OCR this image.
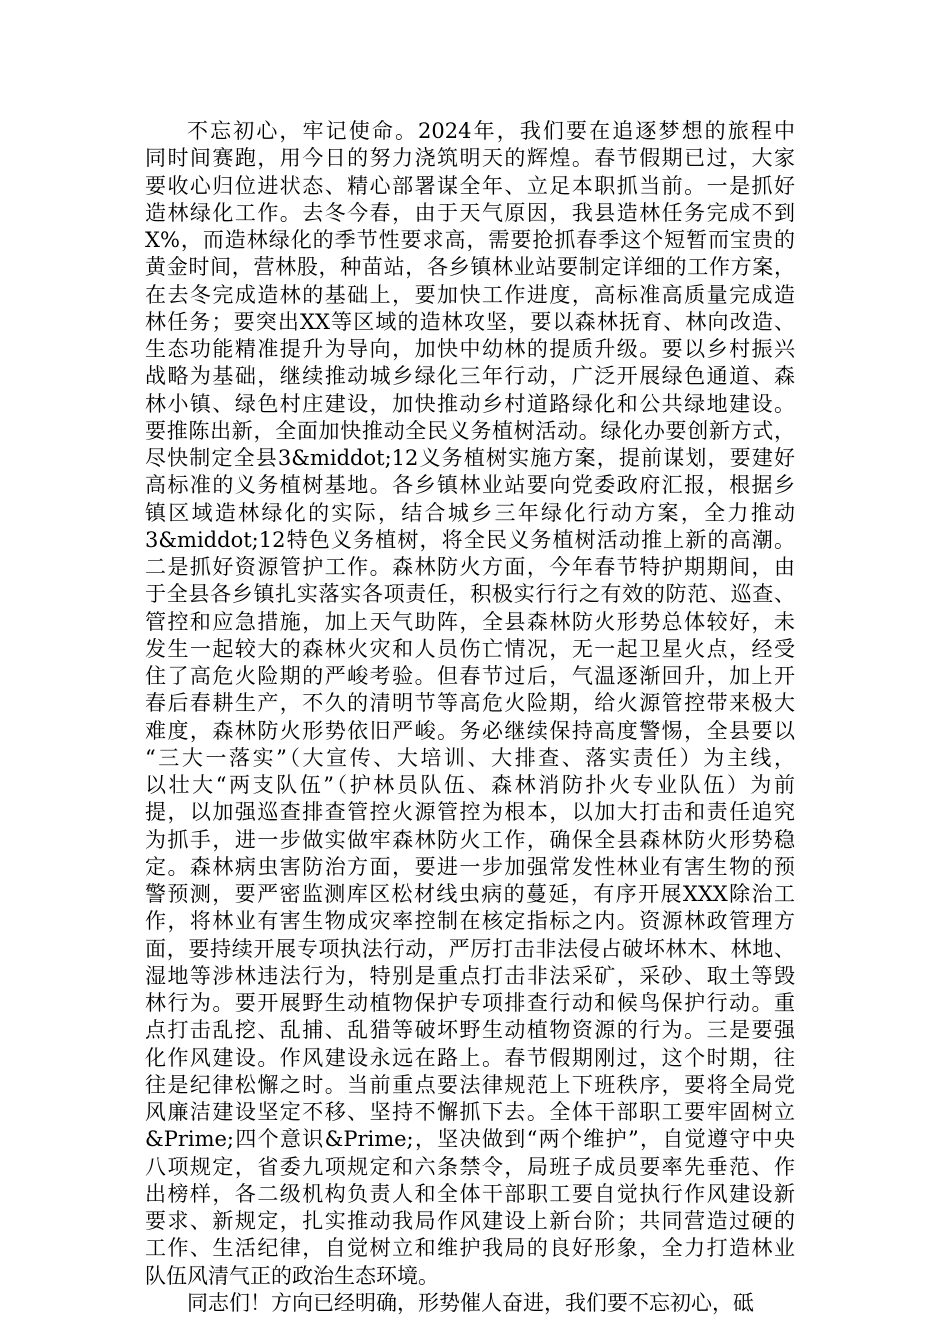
不忘初心，牢记使命。2024年，我们要在追逐梦想的旅程中
同时间赛跑，用今日的努力浇筑明天的辉煌。春节假期已过，大家
要收心归位进状态、精心部署谋全年、立足本职抓当前。一是抓好
造林绿化工作。去冬今春，由于天气原因，我县造林任务完成不到
X%，而造林绿化的季节性要求高，需要抢抓春季这个短暂而宝贵的
黄金时间，营林股，种苗站，各乡镇林业站要制定详细的工作方案，
在去冬完成造林的基础上，要加快工作进度，高标准高质量完成造
林任务；要突出XX等区域的造林攻坚，要以森林抚育、林向改造、
生态功能精准提升为导向，加快中幼林的提质升级。要以乡村振兴
战略为基础，继续推动城乡绿化三年行动，广泛开展绿色通道、森
林小镇、绿色村庄建设，加快推动乡村道路绿化和公共绿地建设。
要推陈出新，全面加快推动全民义务植树活动。绿化办要创新方式，
尽快制定全县3&middot;12义务植树实施方案，提前谋划，要建好
高标准的义务植树基地。各乡镇林业站要向党委政府汇报，根据乡
镇区域造林绿化的实际，结合城乡三年绿化行动方案，全力推动
3&middot;12特色义务植树，将全民义务植树活动推上新的高潮。
二是抓好资源管护工作。森林防火方面，今年春节特护期期间，由
于全县各乡镇扎实落实各项责任，积极实行行之有效的防范、巡查、
管控和应急措施，加上天气助阵，全县森林防火形势总体较好，未
发生一起较大的森林火灾和人员伤亡情况，无一起卫星火点，经受
住了高危火险期的严峻考验。但春节过后，气温逐渐回升，加上开
春后春耕生产，不久的清明节等高危火险期，给火源管控带来极大
难度，森林防火形势依旧严峻。务必继续保持高度警惕，全县要以
“三大一落实”（大宣传、大培训、大排查、落实责任）为主线，
以壮大“两支队伍”（护林员队伍、森林消防扑火专业队伍）为前
提，以加强巡查排查管控火源管控为根本，以加大打击和责任追究
为抓手，进一步做实做牢森林防火工作，确保全县森林防火形势稳
定。森林病虫害防治方面，要进一步加强常发性林业有害生物的预
警预测，要严密监测库区松材线虫病的蔓延，有序开展XXX除治工
作，将林业有害生物成灾率控制在核定指标之内。资源林政管理方
面，要持续开展专项执法行动，严厉打击非法侵占破坏林木、林地、
湿地等涉林违法行为，特别是重点打击非法采矿，采砂、取土等毁
林行为。要开展野生动植物保护专项排查行动和候鸟保护行动。重
点打击乱挖、乱捕、乱猎等破坏野生动植物资源的行为。三是要强
化作风建设。作风建设永远在路上。春节假期刚过，这个时期，往
往是纪律松懈之时。当前重点要法律规范上下班秩序，要将全局党
风廉洁建设坚定不移、坚持不懈抓下去。全体干部职工要牢固树立
&Prime;四个意识&Prime;，坚决做到“两个维护”，自觉遵守中央
八项规定，省委九项规定和六条禁令，局班子成员要率先垂范、作
出榜样，各二级机构负责人和全体干部职工要自觉执行作风建设新
要求、新规定，扎实推动我局作风建设上新台阶；共同营造过硬的
工作、生活纪律，自觉树立和维护我局的良好形象，全力打造林业
队伍风清气正的政治生态环境。
同志们！方向已经明确，形势催人奋进，我们要不忘初心，砥
